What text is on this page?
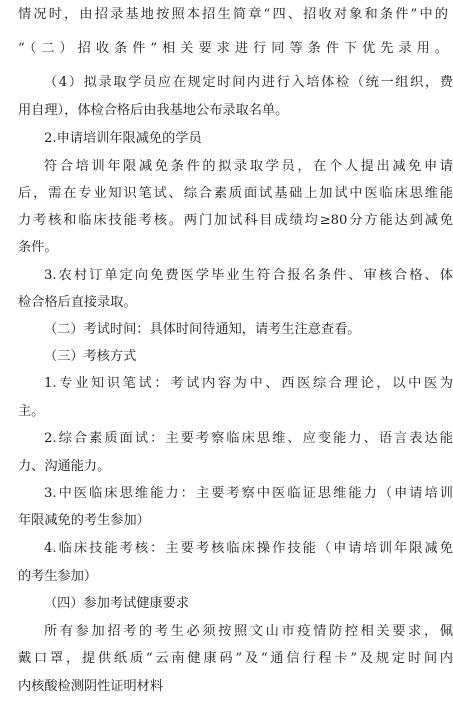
情况时，由招录基地按照本招生简章“四、招收对象和条件”中的
“（二）招收条件”相关要求进行同等条件下优先录用。
（4）拟录取学员应在规定时间内进行入培体检（统一组织，费
用自理），体检合格后由我基地公布录取名单。
2.申请培训年限减免的学员
符合培训年限减免条件的拟录取学员，在个人提出减免申请
后，需在专业知识笔试、综合素质面试基础上加试中医临床思维能
力考核和临床技能考核。两门加试科目成绩均≥80分方能达到减免
条件。
3.农村订单定向免费医学毕业生符合报名条件、审核合格、体
检合格后直接录取。
（二）考试时间：具体时间待通知，请考生注意查看。
（三）考核方式
1.专业知识笔试：考试内容为中、西医综合理论，以中医为
主。
2.综合素质面试：主要考察临床思维、应变能力、语言表达能
力、沟通能力。
3.中医临床思维能力：主要考察中医临证思维能力（申请培训
年限减免的考生参加）
4.临床技能考核：主要考核临床操作技能（申请培训年限减免
的考生参加）
（四）参加考试健康要求
所有参加招考的考生必须按照文山市疫情防控相关要求，佩
戴口罩，提供纸质“云南健康码”及“通信行程卡”及规定时间内
内核酸检测阴性证明材料
